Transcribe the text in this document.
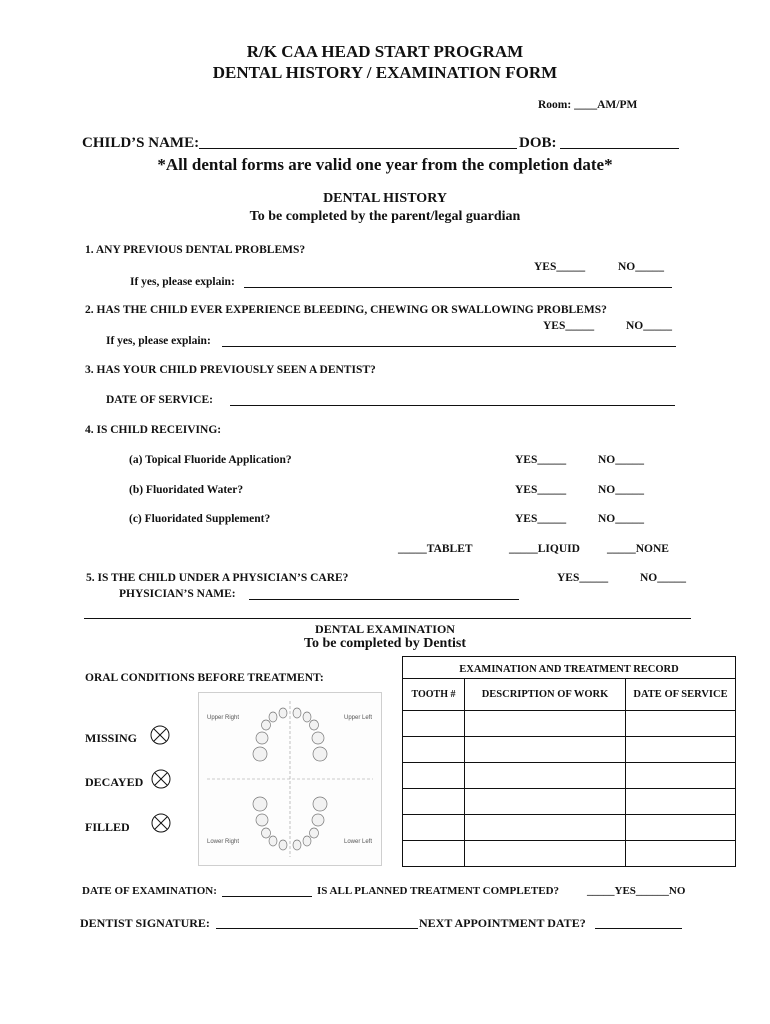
R/K CAA HEAD START PROGRAM
DENTAL HISTORY / EXAMINATION FORM
Room: ____AM/PM
CHILD’S NAME:	DOB:
*All dental forms are valid one year from the completion date*
DENTAL HISTORY
To be completed by the parent/legal guardian
1. ANY PREVIOUS DENTAL PROBLEMS?
YES_____	NO_____
If yes, please explain:
2. HAS THE CHILD EVER EXPERIENCE BLEEDING, CHEWING OR SWALLOWING PROBLEMS?
YES_____	NO_____
If yes, please explain:
3. HAS YOUR CHILD PREVIOUSLY SEEN A DENTIST?
DATE OF SERVICE:
4. IS CHILD RECEIVING:
(a) Topical Fluoride Application?	YES_____	NO_____
(b) Fluoridated Water?	YES_____	NO_____
(c) Fluoridated Supplement?	YES_____	NO_____
_____TABLET	_____LIQUID _____NONE
5. IS THE CHILD UNDER A PHYSICIAN’S CARE?	YES_____	NO_____
PHYSICIAN’S NAME:
DENTAL EXAMINATION
To be completed by Dentist
ORAL CONDITIONS BEFORE TREATMENT:
MISSING
DECAYED
FILLED
Upper Right	Upper Left
Lower Right	Lower Left
EXAMINATION AND TREATMENT RECORD		
TOOTH #	DESCRIPTION OF WORK	DATE OF SERVICE

DATE OF EXAMINATION:	IS ALL PLANNED TREATMENT COMPLETED?	_____YES______NO
DENTIST SIGNATURE:	NEXT APPOINTMENT DATE?
